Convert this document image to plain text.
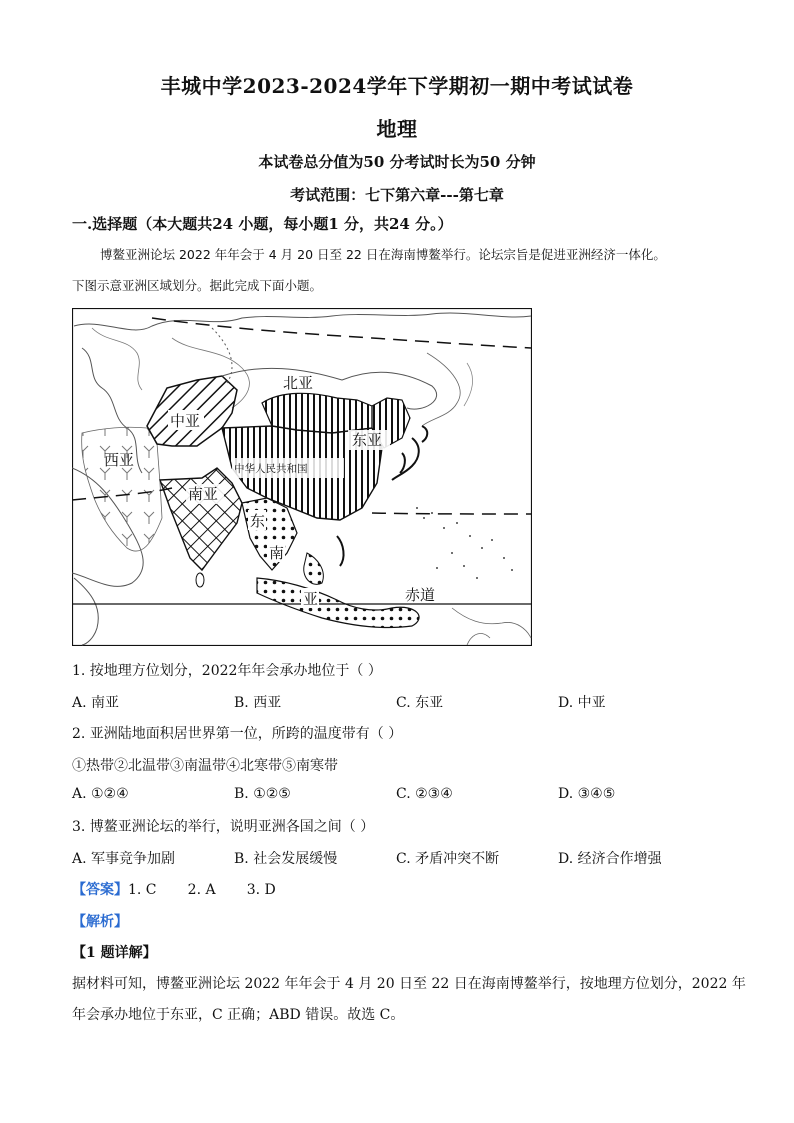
丰城中学2023-2024学年下学期初一期中考试试卷
地理
本试卷总分值为50 分考试时长为50 分钟
考试范围：七下第六章---第七章
一.选择题（本大题共24 小题，每小题1 分，共24 分。）
博鳌亚洲论坛 2022 年年会于 4 月 20 日至 22 日在海南博鳌举行。论坛宗旨是促进亚洲经济一体化。
下图示意亚洲区域划分。据此完成下面小题。
北亚
中亚
东亚
西亚	中华人民共和国
南亚
东
南
亚	赤道
1. 按地理方位划分，2022年年会承办地位于（ ）
A. 南亚	B. 西亚	C. 东亚	D. 中亚
2. 亚洲陆地面积居世界第一位，所跨的温度带有（ ）
①热带②北温带③南温带④北寒带⑤南寒带
A. ①②④	B. ①②⑤	C. ②③④	D. ③④⑤
3. 博鳌亚洲论坛的举行，说明亚洲各国之间（ ）
A. 军事竞争加剧	B. 社会发展缓慢	C. 矛盾冲突不断	D. 经济合作增强
【答案】1. C       2. A       3. D
【解析】
【1 题详解】
据材料可知，博鳌亚洲论坛 2022 年年会于 4 月 20 日至 22 日在海南博鳌举行，按地理方位划分，2022 年
年会承办地位于东亚，C 正确；ABD 错误。故选 C。
